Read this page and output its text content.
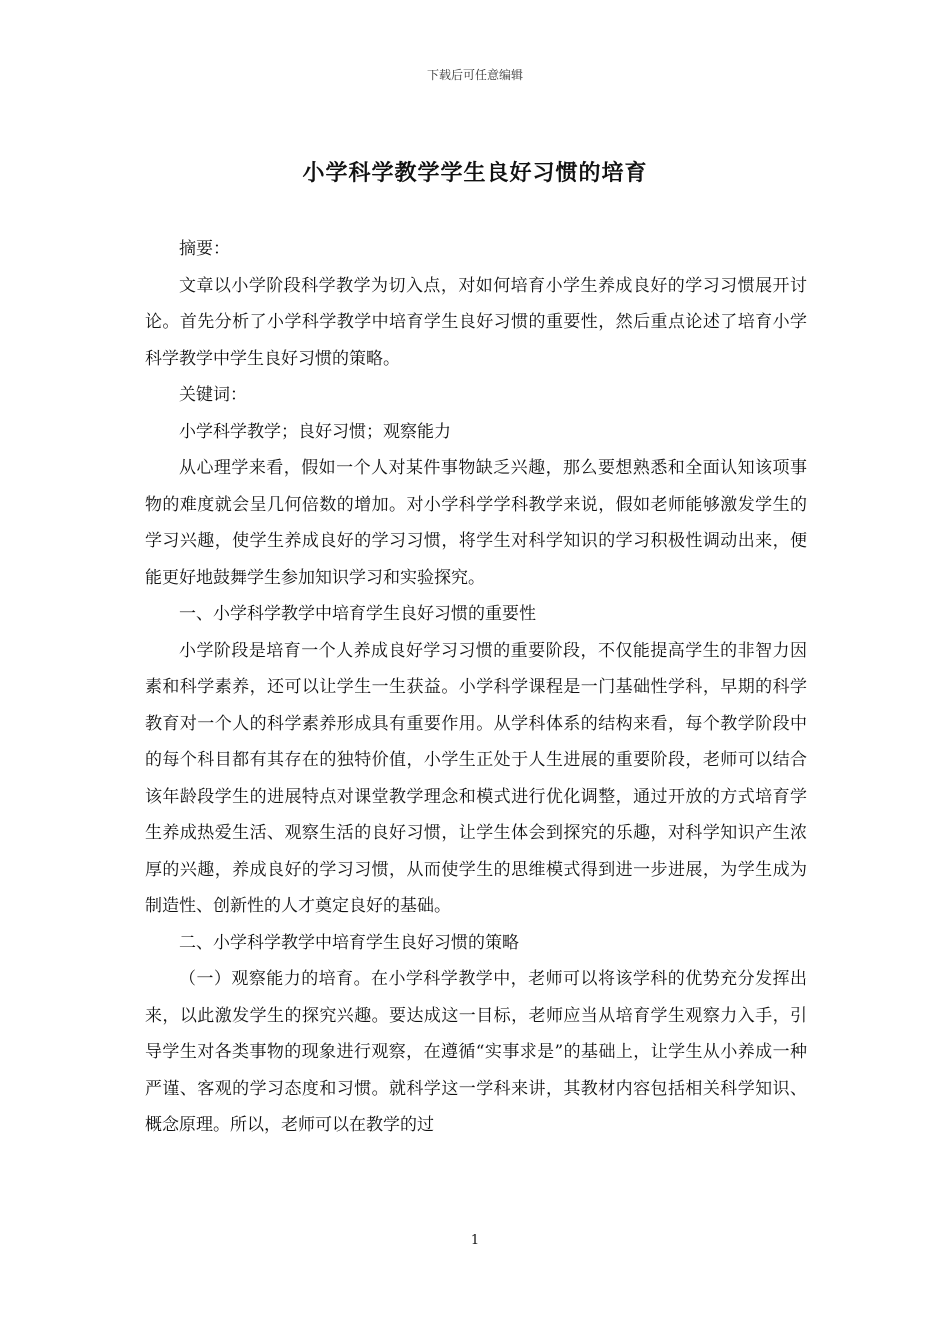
下载后可任意编辑
小学科学教学学生良好习惯的培育

摘要：

文章以小学阶段科学教学为切入点，对如何培育小学生养成良好的学习习惯展开讨论。首先分析了小学科学教学中培育学生良好习惯的重要性，然后重点论述了培育小学科学教学中学生良好习惯的策略。

关键词：

小学科学教学；良好习惯；观察能力

从心理学来看，假如一个人对某件事物缺乏兴趣，那么要想熟悉和全面认知该项事物的难度就会呈几何倍数的增加。对小学科学学科教学来说，假如老师能够激发学生的学习兴趣，使学生养成良好的学习习惯，将学生对科学知识的学习积极性调动出来，便能更好地鼓舞学生参加知识学习和实验探究。

一、小学科学教学中培育学生良好习惯的重要性

小学阶段是培育一个人养成良好学习习惯的重要阶段，不仅能提高学生的非智力因素和科学素养，还可以让学生一生获益。小学科学课程是一门基础性学科，早期的科学教育对一个人的科学素养形成具有重要作用。从学科体系的结构来看，每个教学阶段中的每个科目都有其存在的独特价值，小学生正处于人生进展的重要阶段，老师可以结合该年龄段学生的进展特点对课堂教学理念和模式进行优化调整，通过开放的方式培育学生养成热爱生活、观察生活的良好习惯，让学生体会到探究的乐趣，对科学知识产生浓厚的兴趣，养成良好的学习习惯，从而使学生的思维模式得到进一步进展，为学生成为制造性、创新性的人才奠定良好的基础。

二、小学科学教学中培育学生良好习惯的策略

（一）观察能力的培育。在小学科学教学中，老师可以将该学科的优势充分发挥出来，以此激发学生的探究兴趣。要达成这一目标，老师应当从培育学生观察力入手，引导学生对各类事物的现象进行观察，在遵循“实事求是”的基础上，让学生从小养成一种严谨、客观的学习态度和习惯。就科学这一学科来讲，其教材内容包括相关科学知识、概念原理。所以，老师可以在教学的过

1
